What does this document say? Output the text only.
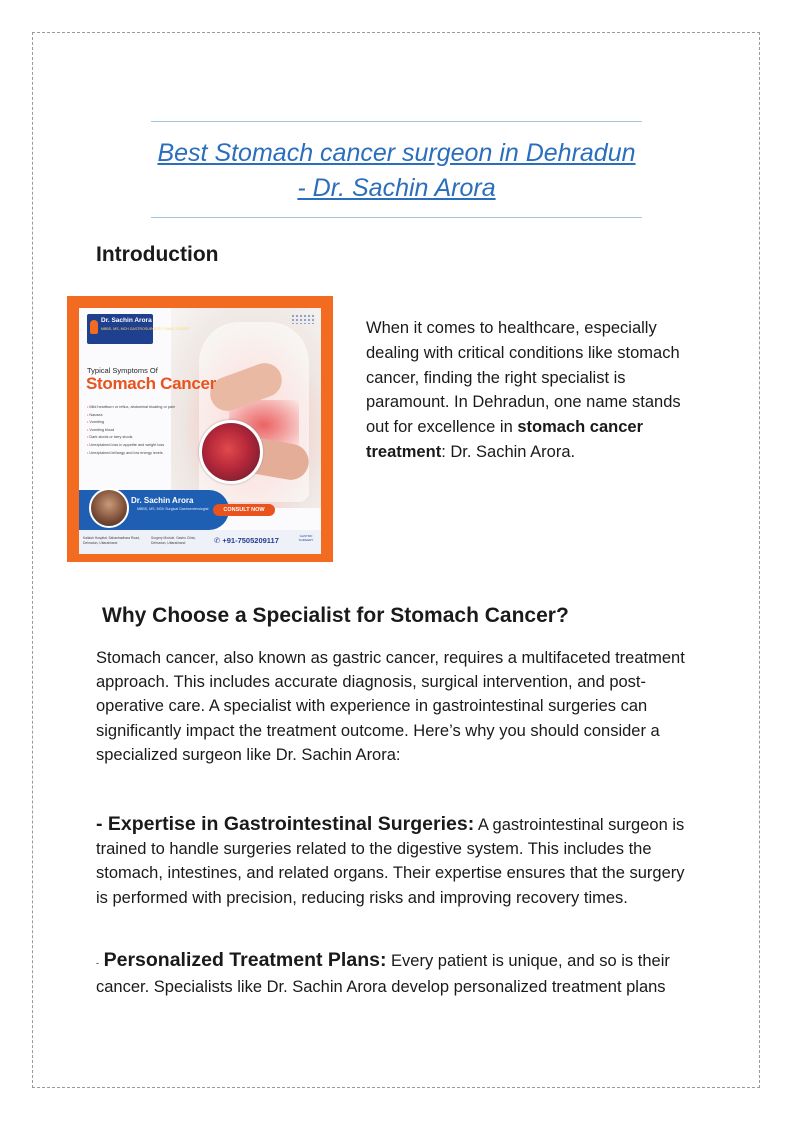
Best Stomach cancer surgeon in Dehradun - Dr. Sachin Arora
Introduction
Dr. Sachin Arora
MBBS, MS, MCH GASTROSURGERY, FMAS, FIAGES
Typical Symptoms Of
Stomach Cancer
• Mild heartburn or reflux, abdominal bloating or pain
• Nausea
• Vomiting
• Vomiting blood
• Dark stools or tarry stools
• Unexplained loss in appetite and weight loss
• Unexplained lethargy and low energy levels
Dr. Sachin Arora
MBBS, MS, MCh Surgical Gastroenterologist	CONSULT NOW
Kailash Hospital, Sahastradhara Road, Dehradun, Uttarakhand
Surgery Module, Gastro Clinic, Dehradun, Uttarakhand	✆ +91-7505209117	GASTRO SURGERY
When it comes to healthcare, especially dealing with critical conditions like stomach cancer, finding the right specialist is paramount. In Dehradun, one name stands out for excellence in stomach cancer treatment: Dr. Sachin Arora.
Why Choose a Specialist for Stomach Cancer?
Stomach cancer, also known as gastric cancer, requires a multifaceted treatment approach. This includes accurate diagnosis, surgical intervention, and post-operative care. A specialist with experience in gastrointestinal surgeries can significantly impact the treatment outcome. Here’s why you should consider a specialized surgeon like Dr. Sachin Arora:
- Expertise in Gastrointestinal Surgeries: A gastrointestinal surgeon is trained to handle surgeries related to the digestive system. This includes the stomach, intestines, and related organs. Their expertise ensures that the surgery is performed with precision, reducing risks and improving recovery times.
- Personalized Treatment Plans: Every patient is unique, and so is their cancer. Specialists like Dr. Sachin Arora develop personalized treatment plans
